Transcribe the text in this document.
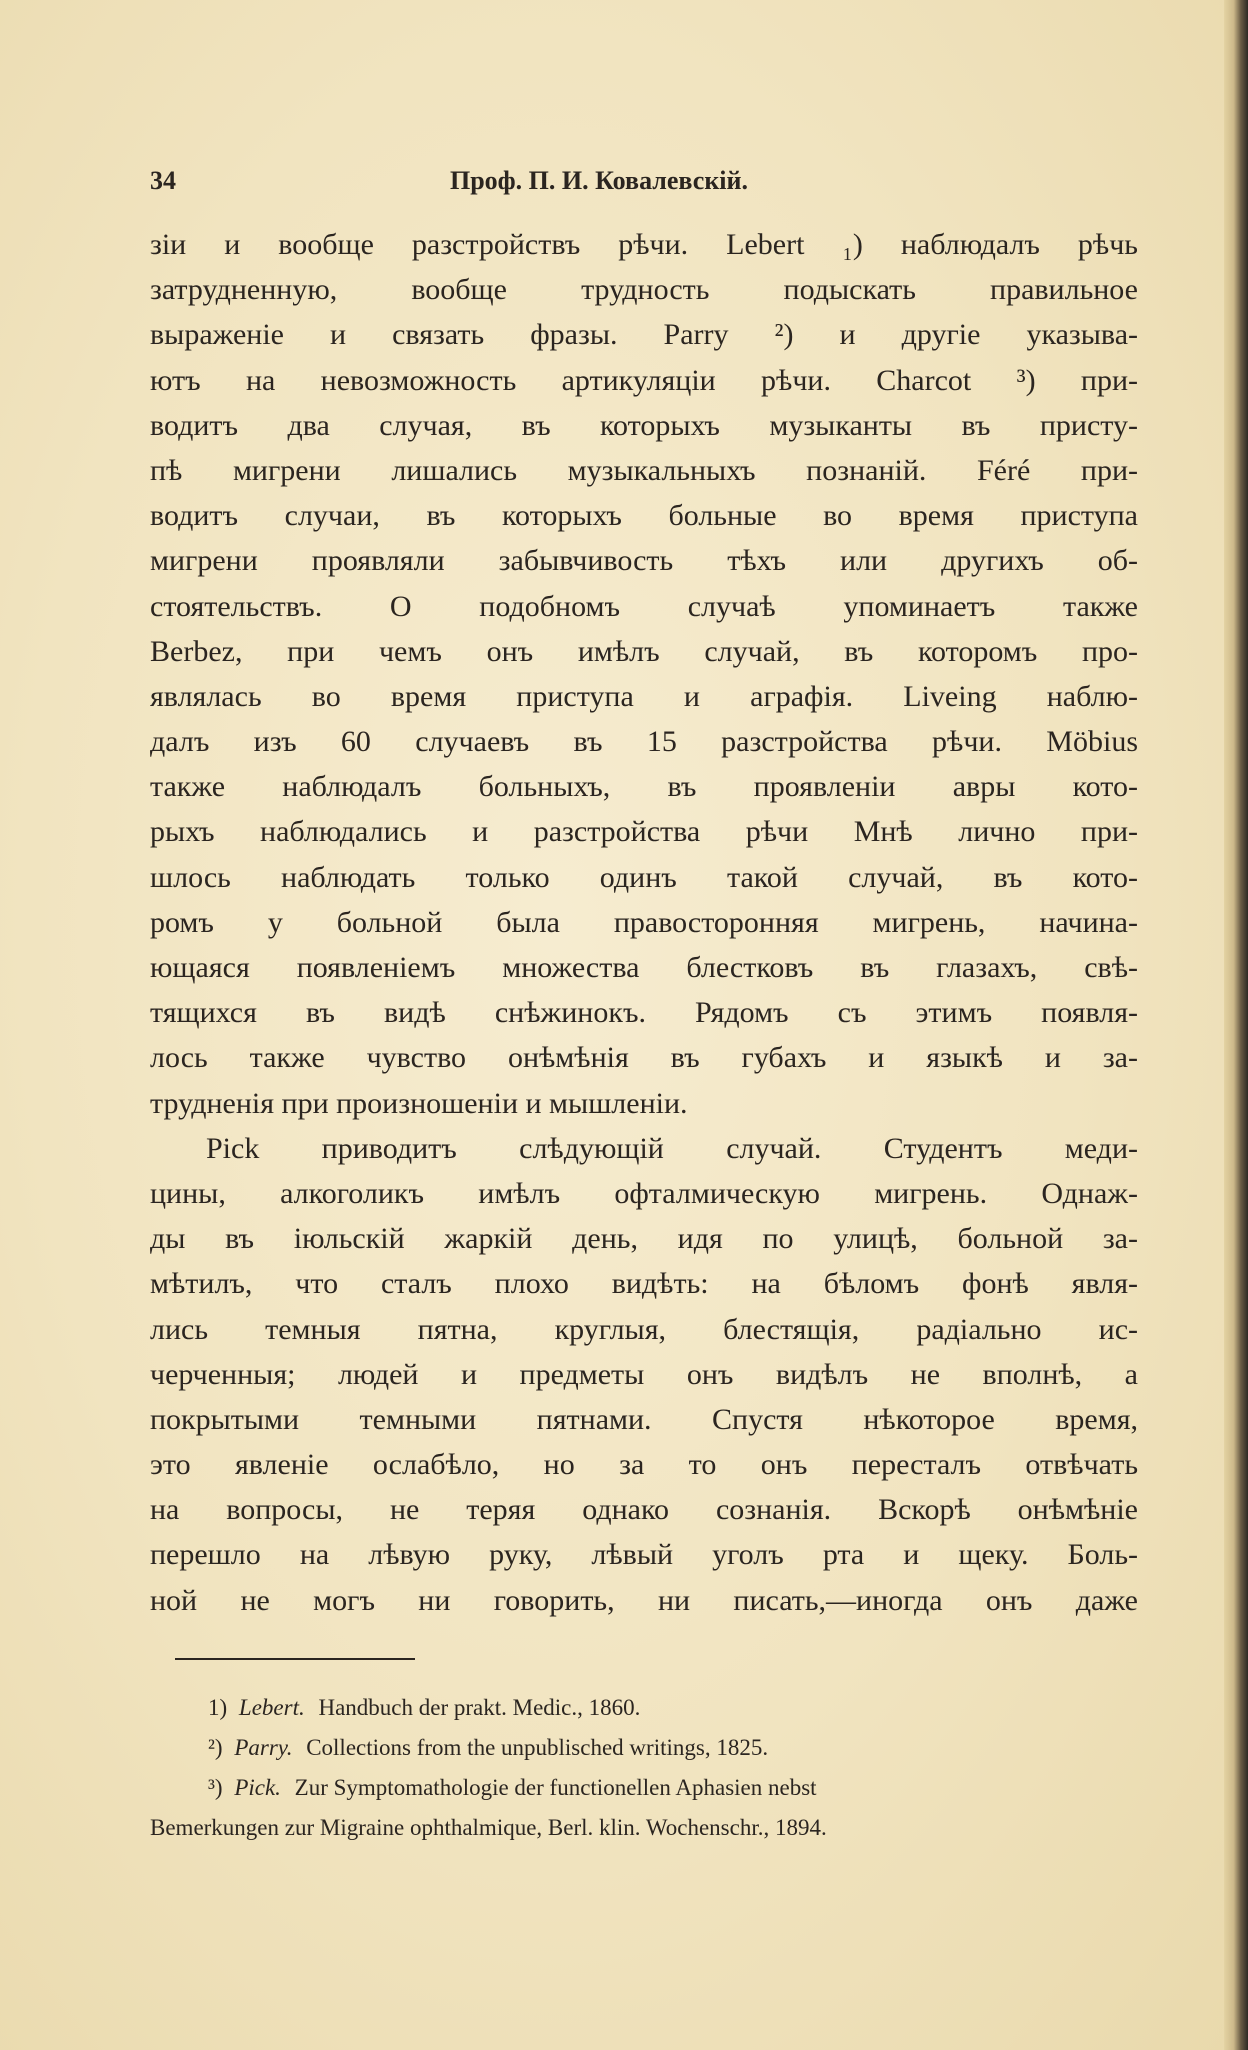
34	Проф. П. И. Ковалевскій.
зіи и вообще разстройствъ рѣчи. Lebert ₁) наблюдалъ рѣчь
затрудненную, вообще трудность подыскать правильное
выраженіе и связать фразы. Parry ²) и другіе указыва-
ютъ на невозможность артикуляціи рѣчи. Charcot ³) при-
водитъ два случая, въ которыхъ музыканты въ присту-
пѣ мигрени лишались музыкальныхъ познаній. Féré при-
водитъ случаи, въ которыхъ больные во время приступа
мигрени проявляли забывчивость тѣхъ или другихъ об-
стоятельствъ. О подобномъ случаѣ упоминаетъ также
Berbez, при чемъ онъ имѣлъ случай, въ которомъ про-
являлась во время приступа и аграфія. Liveing наблю-
далъ изъ 60 случаевъ въ 15 разстройства рѣчи. Möbius
также наблюдалъ больныхъ, въ проявленіи авры кото-
рыхъ наблюдались и разстройства рѣчи Мнѣ лично при-
шлось наблюдать только одинъ такой случай, въ кото-
ромъ у больной была правосторонняя мигрень, начина-
ющаяся появленіемъ множества блестковъ въ глазахъ, свѣ-
тящихся въ видѣ снѣжинокъ. Рядомъ съ этимъ появля-
лось также чувство онѣмѣнія въ губахъ и языкѣ и за-
трудненія при произношеніи и мышленіи.
Pick приводитъ слѣдующій случай. Студентъ меди-
цины, алкоголикъ имѣлъ офталмическую мигрень. Однаж-
ды въ іюльскій жаркій день, идя по улицѣ, больной за-
мѣтилъ, что сталъ плохо видѣть: на бѣломъ фонѣ явля-
лись темныя пятна, круглыя, блестящія, радіально ис-
черченныя; людей и предметы онъ видѣлъ не вполнѣ, а
покрытыми темными пятнами. Спустя нѣкоторое время,
это явленіе ослабѣло, но за то онъ пересталъ отвѣчать
на вопросы, не теряя однако сознанія. Вскорѣ онѣмѣніе
перешло на лѣвую руку, лѣвый уголъ рта и щеку. Боль-
ной не могъ ни говорить, ни писать,—иногда онъ даже
1) Lebert. Handbuch der prakt. Medic., 1860.
²) Parry. Collections from the unpublisched writings, 1825.
³) Pick. Zur Symptomathologie der functionellen Aphasien nebst
Bemerkungen zur Migraine ophthalmique, Berl. klin. Wochenschr., 1894.
